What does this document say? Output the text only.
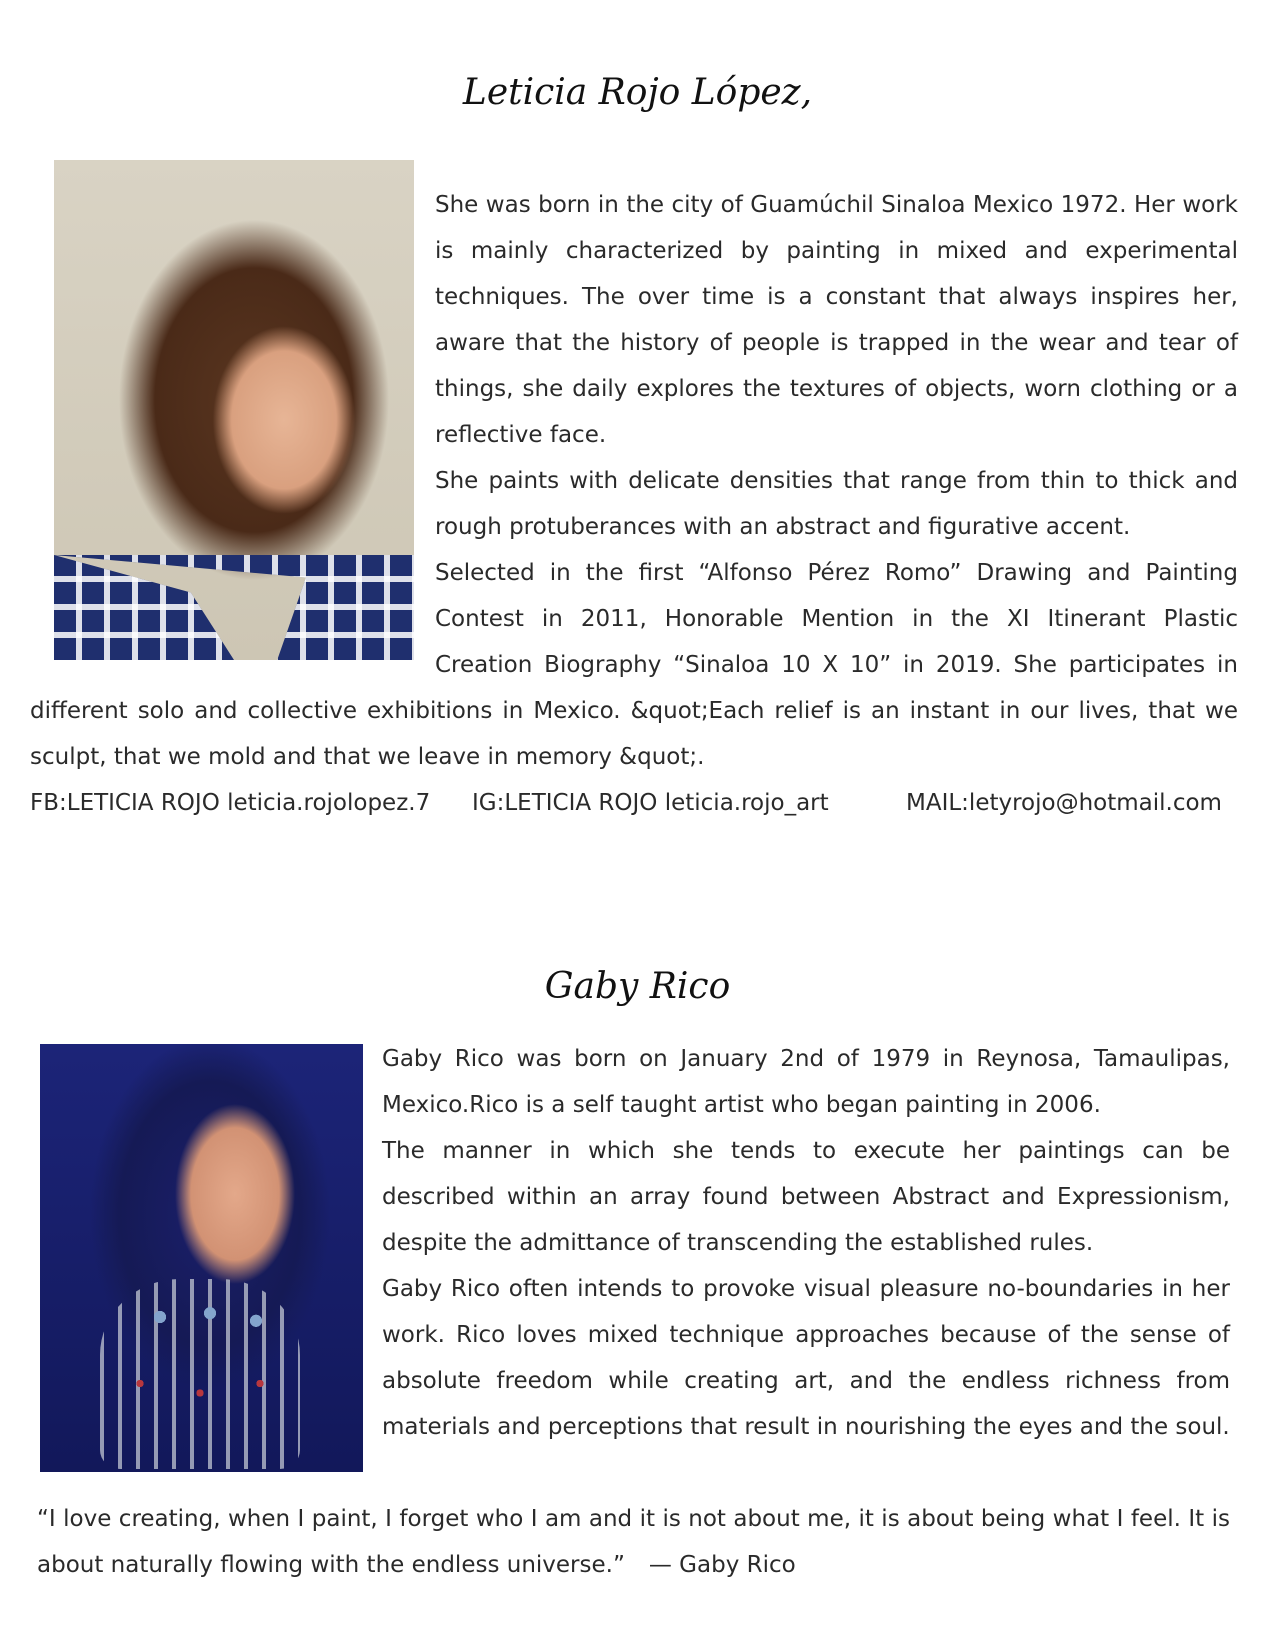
Leticia Rojo López,

She was born in the city of Guamúchil Sinaloa Mexico 1972. Her work is mainly characterized by painting in mixed and experimental techniques. The over time is a constant that always inspires her, aware that the history of people is trapped in the wear and tear of things, she daily explores the textures of objects, worn clothing or a reflective face.

She paints with delicate densities that range from thin to thick and rough protuberances with an abstract and figurative accent.

Selected in the first “Alfonso Pérez Romo” Drawing and Painting Contest in 2011, Honorable Mention in the XI Itinerant Plastic Creation Biography “Sinaloa 10 X 10” in 2019. She participates in different solo and collective exhibitions in Mexico. &quot;Each relief is an instant in our lives, that we sculpt, that we mold and that we leave in memory &quot;.

FB:LETICIA ROJO leticia.rojolopez.7 IG:LETICIA ROJO leticia.rojo_art	MAIL:letyrojo@hotmail.com
Gaby Rico

Gaby Rico was born on January 2nd of 1979 in Reynosa, Tamaulipas, Mexico.Rico is a self taught artist who began painting in 2006.

The manner in which she tends to execute her paintings can be described within an array found between Abstract and Expressionism, despite the admittance of transcending the established rules.

Gaby Rico often intends to provoke visual pleasure no-boundaries in her work. Rico loves mixed technique approaches because of the sense of absolute freedom while creating art, and the endless richness from materials and perceptions that result in nourishing the eyes and the soul.

“I love creating, when I paint, I forget who I am and it is not about me, it is about being what I feel. It is about naturally flowing with the endless universe.” — Gaby Rico
